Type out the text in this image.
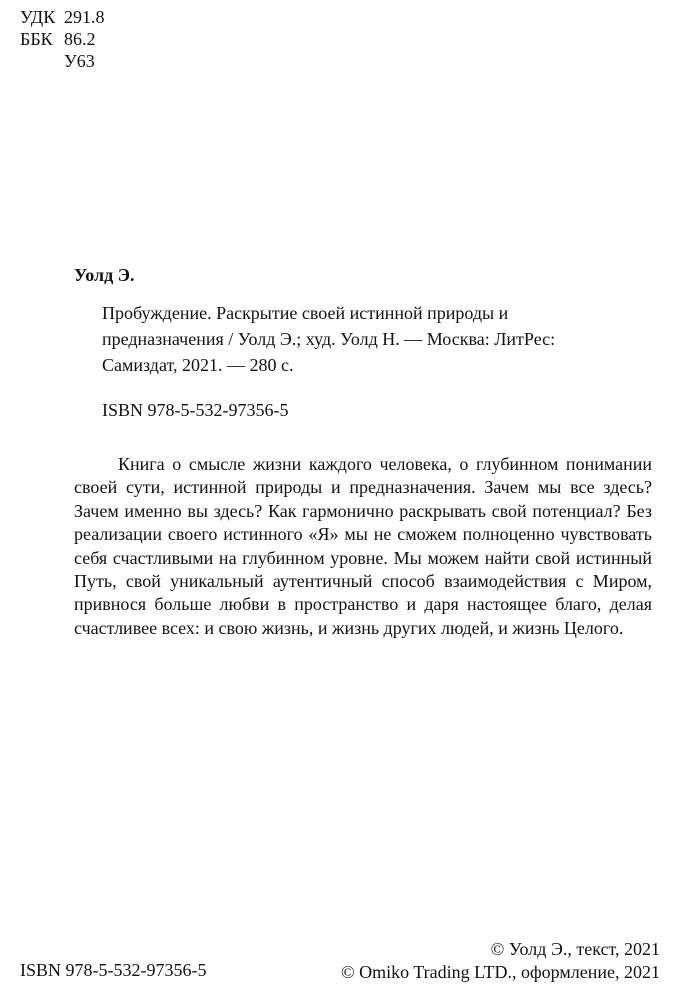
УДК 291.8
ББК 86.2
У63
Уолд Э.

Пробуждение. Раскрытие своей истинной природы и

предназначения / Уолд Э.; худ. Уолд Н. — Москва: ЛитРес:

Самиздат, 2021. — 280 с.

ISBN 978-5-532-97356-5

Книга о смысле жизни каждого человека, о глубинном понимании

своей сути, истинной природы и предназначения. Зачем мы все здесь?

Зачем именно вы здесь? Как гармонично раскрывать свой потенциал? Без

реализации своего истинного «Я» мы не сможем полноценно чувствовать

себя счастливыми на глубинном уровне. Мы можем найти свой истинный

Путь, свой уникальный аутентичный способ взаимодействия с Миром,

привнося больше любви в пространство и даря настоящее благо, делая

счастливее всех: и свою жизнь, и жизнь других людей, и жизнь Целого.

ISBN 978-5-532-97356-5
© Уолд Э., текст, 2021
© Omiko Trading LTD., оформление, 2021
